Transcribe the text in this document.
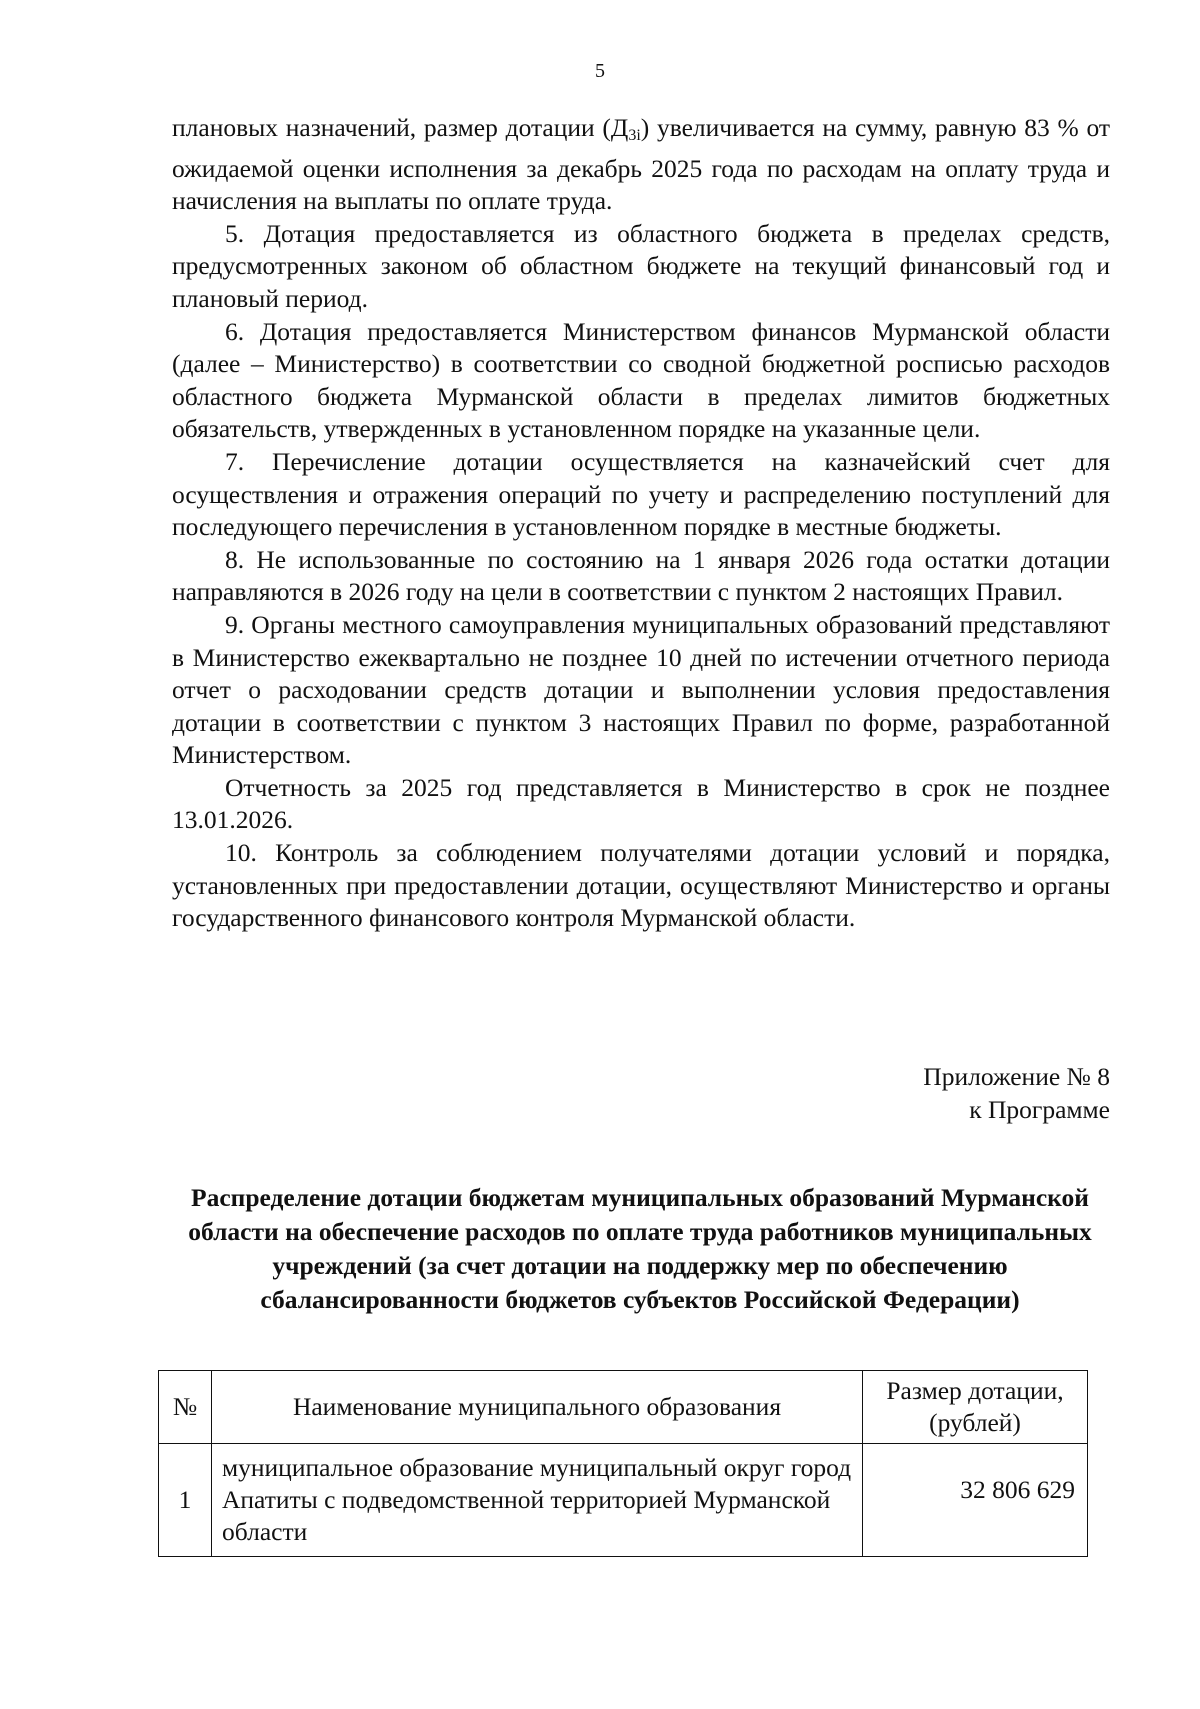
5

плановых назначений, размер дотации $(Д_{3i})$ увеличивается на сумму, равную 83 % от ожидаемой оценки исполнения за декабрь 2025 года по расходам на оплату труда и начисления на выплаты по оплате труда.

5. Дотация предоставляется из областного бюджета в пределах средств, предусмотренных законом об областном бюджете на текущий финансовый год и плановый период.

6. Дотация предоставляется Министерством финансов Мурманской области (далее – Министерство) в соответствии со сводной бюджетной росписью расходов областного бюджета Мурманской области в пределах лимитов бюджетных обязательств, утвержденных в установленном порядке на указанные цели.

7. Перечисление дотации осуществляется на казначейский счет для осуществления и отражения операций по учету и распределению поступлений для последующего перечисления в установленном порядке в местные бюджеты.

8. Не использованные по состоянию на 1 января 2026 года остатки дотации направляются в 2026 году на цели в соответствии с пунктом 2 настоящих Правил.

9. Органы местного самоуправления муниципальных образований представляют в Министерство ежеквартально не позднее 10 дней по истечении отчетного периода отчет о расходовании средств дотации и выполнении условия предоставления дотации в соответствии с пунктом 3 настоящих Правил по форме, разработанной Министерством.

Отчетность за 2025 год представляется в Министерство в срок не позднее 13.01.2026.

10. Контроль за соблюдением получателями дотации условий и порядка, установленных при предоставлении дотации, осуществляют Министерство и органы государственного финансового контроля Мурманской области.

Приложение № 8
к Программе
Распределение дотации бюджетам муниципальных образований Мурманской области на обеспечение расходов по оплате труда работников муниципальных учреждений (за счет дотации на поддержку мер по обеспечению сбалансированности бюджетов субъектов Российской Федерации)
№	Наименование муниципального образования	Размер дотации,
(рублей)

1	муниципальное образование муниципальный округ город Апатиты с подведомственной территорией Мурманской области	32 806 629
